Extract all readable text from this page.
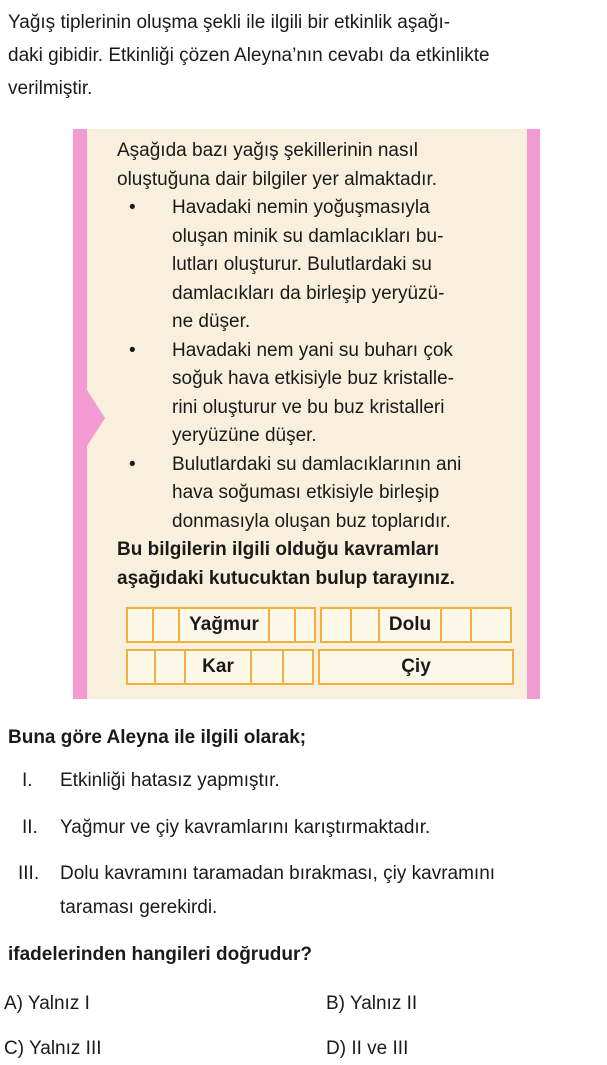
Yağış tiplerinin oluşma şekli ile ilgili bir etkinlik aşağı-
daki gibidir. Etkinliği çözen Aleyna’nın cevabı da etkinlikte
verilmiştir.
Aşağıda bazı yağış şekillerinin nasıl
oluştuğuna dair bilgiler yer almaktadır.
• Havadaki nemin yoğuşmasıyla
oluşan minik su damlacıkları bu-
lutları oluşturur. Bulutlardaki su
damlacıkları da birleşip yeryüzü-
ne düşer.
• Havadaki nem yani su buharı çok
soğuk hava etkisiyle buz kristalle-
rini oluşturur ve bu buz kristalleri
yeryüzüne düşer.
• Bulutlardaki su damlacıklarının ani
hava soğuması etkisiyle birleşip
donmasıyla oluşan buz toplarıdır.
Bu bilgilerin ilgili olduğu kavramları
aşağıdaki kutucuktan bulup tarayınız.
Yağmur	Dolu
Kar	Çiy
Buna göre Aleyna ile ilgili olarak;
I. Etkinliği hatasız yapmıştır.
II. Yağmur ve çiy kavramlarını karıştırmaktadır.
III. Dolu kavramını taramadan bırakması, çiy kavramını
taraması gerekirdi.
ifadelerinden hangileri doğrudur?
A) Yalnız I	B) Yalnız II
C) Yalnız III	D) II ve III
